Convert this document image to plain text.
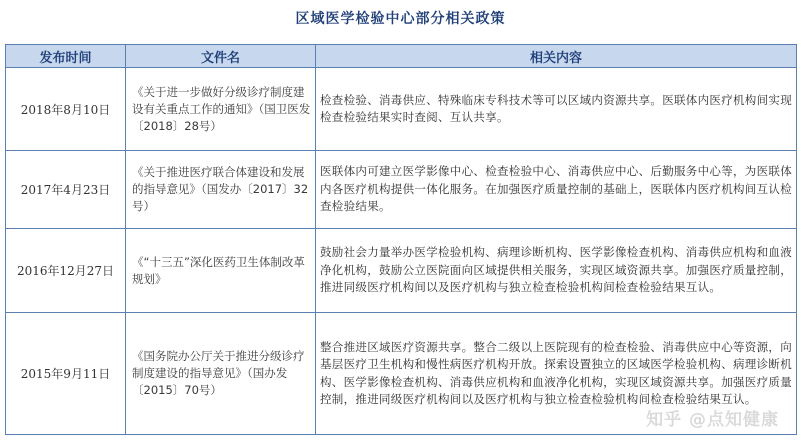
区域医学检验中心部分相关政策
发布时间	文件名	相关内容
2018年8月10日	《关于进一步做好分级诊疗制度建设有关重点工作的通知》（国卫医发〔2018〕28号）	检查检验、消毒供应、特殊临床专科技术等可以区域内资源共享。医联体内医疗机构间实现检查检验结果实时查阅、互认共享。
2017年4月23日	《关于推进医疗联合体建设和发展的指导意见》（国发办〔2017〕32号）	医联体内可建立医学影像中心、检查检验中心、消毒供应中心、后勤服务中心等，为医联体内各医疗机构提供一体化服务。在加强医疗质量控制的基础上，医联体内医疗机构间互认检查检验结果。
2016年12月27日	《“十三五”深化医药卫生体制改革规划》	鼓励社会力量举办医学检验机构、病理诊断机构、医学影像检查机构、消毒供应机构和血液净化机构，鼓励公立医院面向区域提供相关服务，实现区域资源共享。加强医疗质量控制，推进同级医疗机构间以及医疗机构与独立检查检验机构间检查检验结果互认。
2015年9月11日	《国务院办公厅关于推进分级诊疗制度建设的指导意见》（国办发〔2015〕70号）	整合推进区域医疗资源共享。整合二级以上医院现有的检查检验、消毒供应中心等资源，向基层医疗卫生机构和慢性病医疗机构开放。探索设置独立的区域医学检验机构、病理诊断机构、医学影像检查机构、消毒供应机构和血液净化机构，实现区域资源共享。加强医疗质量控制，推进同级医疗机构间以及医疗机构与独立检查检验机构间检查检验结果互认。
知乎 @点知健康
